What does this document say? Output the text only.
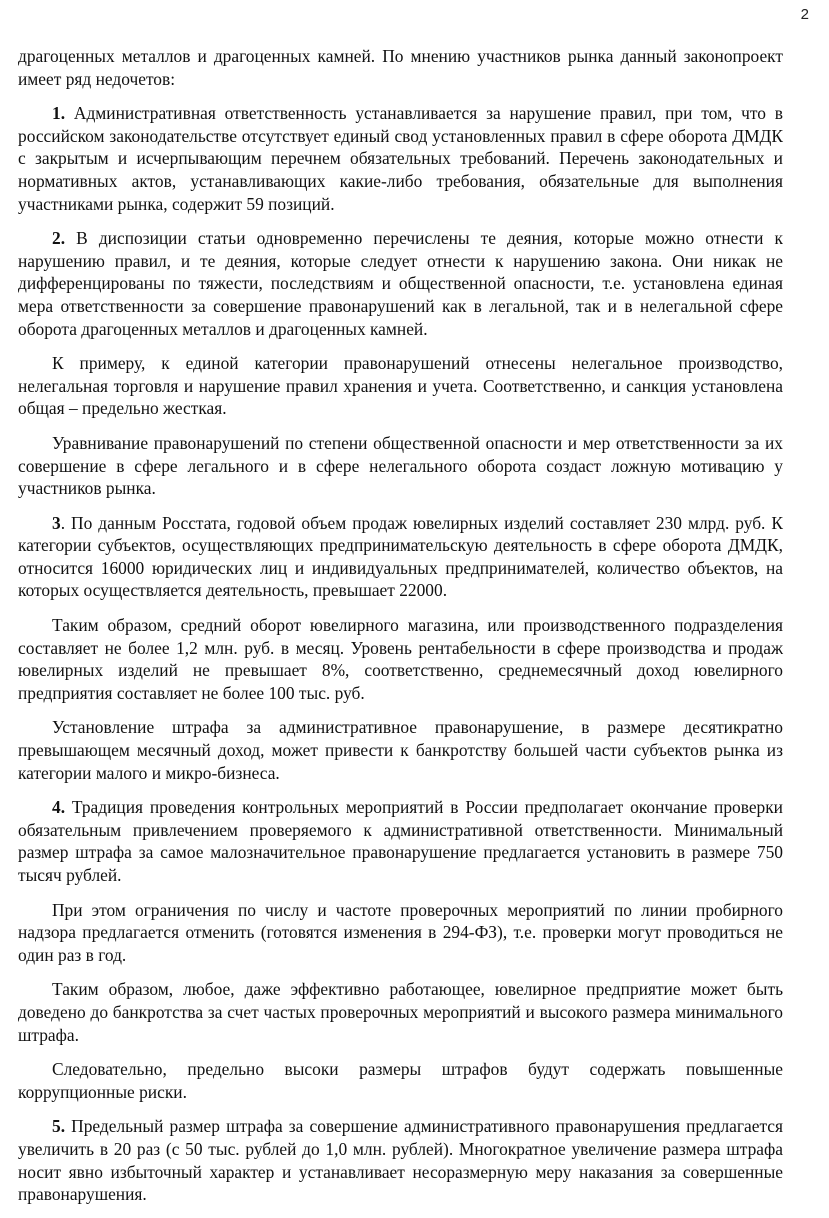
2

драгоценных металлов и драгоценных камней. По мнению участников рынка данный законопроект имеет ряд недочетов:

1. Административная ответственность устанавливается за нарушение правил, при том, что в российском законодательстве отсутствует единый свод установленных правил в сфере оборота ДМДК с закрытым и исчерпывающим перечнем обязательных требований. Перечень законодательных и нормативных актов, устанавливающих какие-либо требования, обязательные для выполнения участниками рынка, содержит 59 позиций.

2. В диспозиции статьи одновременно перечислены те деяния, которые можно отнести к нарушению правил, и те деяния, которые следует отнести к нарушению закона. Они никак не дифференцированы по тяжести, последствиям и общественной опасности, т.е. установлена единая мера ответственности за совершение правонарушений как в легальной, так и в нелегальной сфере оборота драгоценных металлов и драгоценных камней.

К примеру, к единой категории правонарушений отнесены нелегальное производство, нелегальная торговля и нарушение правил хранения и учета. Соответственно, и санкция установлена общая – предельно жесткая.

Уравнивание правонарушений по степени общественной опасности и мер ответственности за их совершение в сфере легального и в сфере нелегального оборота создаст ложную мотивацию у участников рынка.

3. По данным Росстата, годовой объем продаж ювелирных изделий составляет 230 млрд. руб. К категории субъектов, осуществляющих предпринимательскую деятельность в сфере оборота ДМДК, относится 16000 юридических лиц и индивидуальных предпринимателей, количество объектов, на которых осуществляется деятельность, превышает 22000.

Таким образом, средний оборот ювелирного магазина, или производственного подразделения составляет не более 1,2 млн. руб. в месяц. Уровень рентабельности в сфере производства и продаж ювелирных изделий не превышает 8%, соответственно, среднемесячный доход ювелирного предприятия составляет не более 100 тыс. руб.

Установление штрафа за административное правонарушение, в размере десятикратно превышающем месячный доход, может привести к банкротству большей части субъектов рынка из категории малого и микро-бизнеса.

4. Традиция проведения контрольных мероприятий в России предполагает окончание проверки обязательным привлечением проверяемого к административной ответственности. Минимальный размер штрафа за самое малозначительное правонарушение предлагается установить в размере 750 тысяч рублей.

При этом ограничения по числу и частоте проверочных мероприятий по линии пробирного надзора предлагается отменить (готовятся изменения в 294-ФЗ), т.е. проверки могут проводиться не один раз в год.

Таким образом, любое, даже эффективно работающее, ювелирное предприятие может быть доведено до банкротства за счет частых проверочных мероприятий и высокого размера минимального штрафа.

Следовательно, предельно высоки размеры штрафов будут содержать повышенные коррупционные риски.

5. Предельный размер штрафа за совершение административного правонарушения предлагается увеличить в 20 раз (с 50 тыс. рублей до 1,0 млн. рублей). Многократное увеличение размера штрафа носит явно избыточный характер и устанавливает несоразмерную меру наказания за совершенные правонарушения.
